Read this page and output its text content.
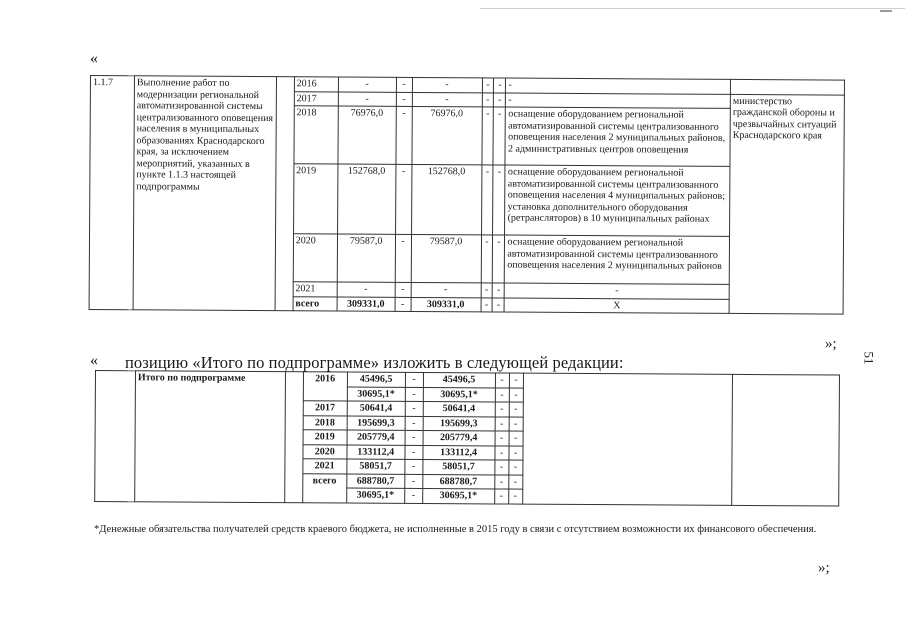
«
1.1.7	Выполнение работ по модернизации региональной автоматизированной системы централизованного оповещения населения в муниципальных образованиях Краснодарского края, за исключением мероприятий, указанных в пункте 1.1.3 настоящей подпрограммы		2016	-	-	-	-	-	-	
			2017	-	-	-	-	-	-	министерство гражданской обороны и чрезвычайных ситуаций Краснодарского края
			2018	76976,0	-	76976,0	-	-	оснащение оборудованием региональной автоматизированной системы централизованного оповещения населения 2 муниципальных районов, 2 административных центров оповещения	
			2019	152768,0	-	152768,0	-	-	оснащение оборудованием региональной автоматизированной системы централизованного оповещения населения 4 муниципальных районов; установка дополнительного оборудования (ретрансляторов) в 10 муниципальных районах	
			2020	79587,0	-	79587,0	-	-	оснащение оборудованием региональной автоматизированной системы централизованного оповещения населения 2 муниципальных районов	
			2021	-	-	-	-	-	-	
			всего	309331,0	-	309331,0	-	-	Х	
»;
51
« позицию «Итого по подпрограмме» изложить в следующей редакции:
	Итого по подпрограмме		2016	45496,5	-	45496,5	-	-		
				30695,1*	-	30695,1*	-	-		
			2017	50641,4	-	50641,4	-	-		
			2018	195699,3	-	195699,3	-	-		
			2019	205779,4	-	205779,4	-	-		
			2020	133112,4	-	133112,4	-	-		
			2021	58051,7	-	58051,7	-	-		
			всего	688780,7	-	688780,7	-	-		
				30695,1*	-	30695,1*	-	-		
*Денежные обязательства получателей средств краевого бюджета, не исполненные в 2015 году в связи с отсутствием возможности их финансового обеспечения.
»;
